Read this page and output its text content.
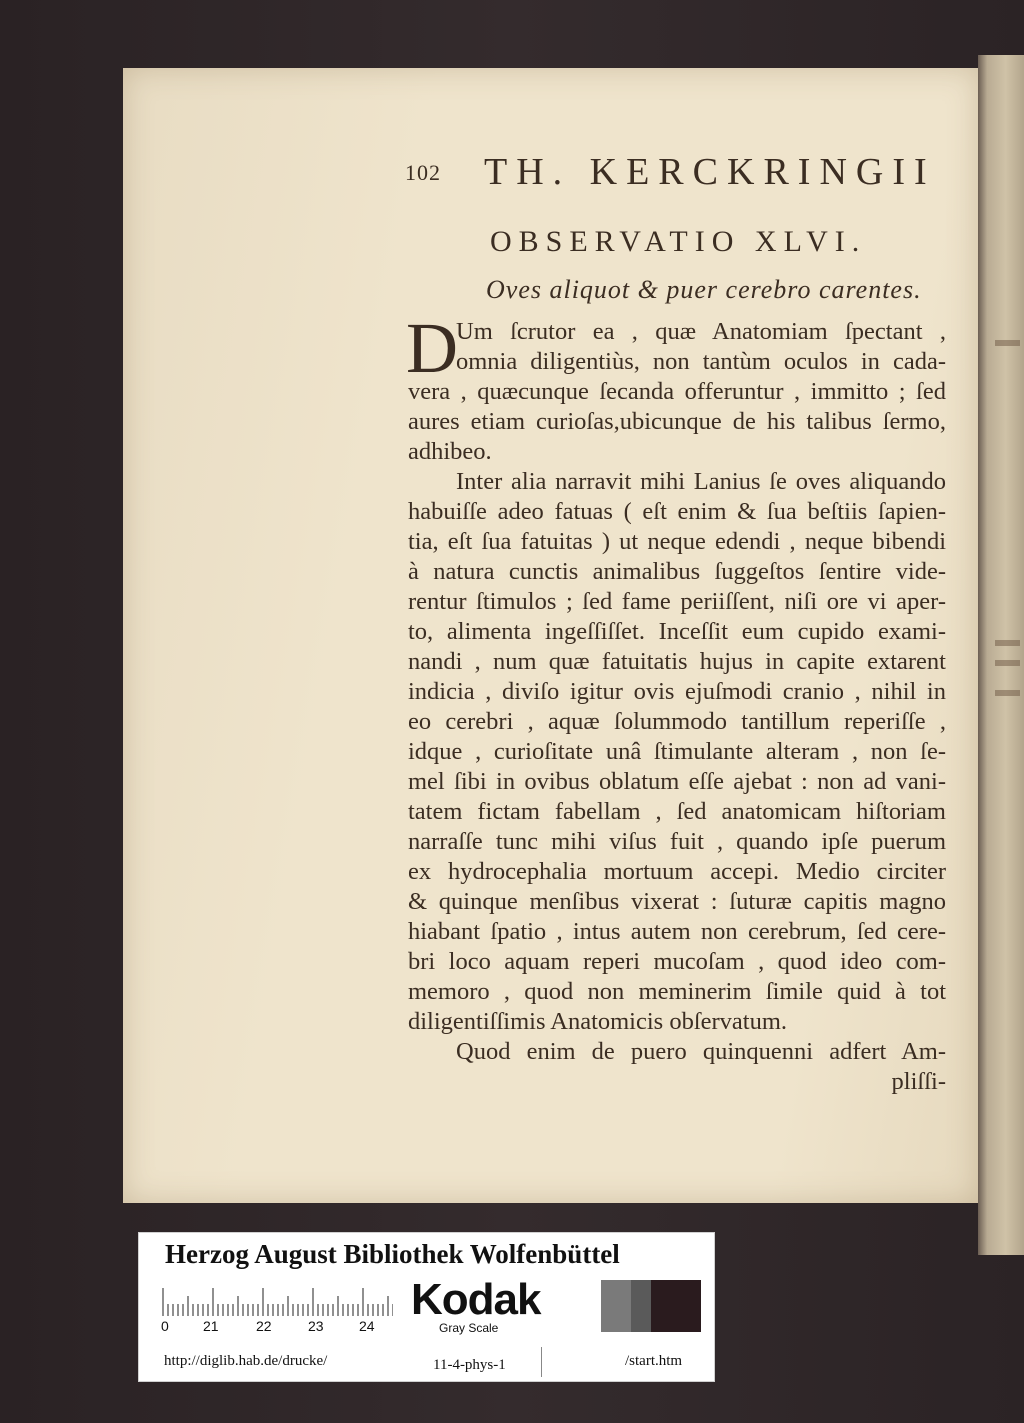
102 TH. KERCKRINGII
OBSERVATIO XLVI.
Oves aliquot & puer cerebro carentes.
D
Um ſcrutor ea , quæ Anatomiam ſpectant ,
omnia diligentiùs, non tantùm oculos in cada-
vera , quæcunque ſecanda offeruntur , immitto ; ſed
aures etiam curioſas,ubicunque de his talibus ſermo,
adhibeo.
Inter alia narravit mihi Lanius ſe oves aliquando
habuiſſe adeo fatuas ( eſt enim & ſua beſtiis ſapien-
tia, eſt ſua fatuitas ) ut neque edendi , neque bibendi
à natura cunctis animalibus ſuggeſtos ſentire vide-
rentur ſtimulos ; ſed fame periiſſent, niſi ore vi aper-
to, alimenta ingeſſiſſet. Inceſſit eum cupido exami-
nandi , num quæ fatuitatis hujus in capite extarent
indicia , diviſo igitur ovis ejuſmodi cranio , nihil in
eo cerebri , aquæ ſolummodo tantillum reperiſſe ,
idque , curioſitate unâ ſtimulante alteram , non ſe-
mel ſibi in ovibus oblatum eſſe ajebat : non ad vani-
tatem fictam fabellam , ſed anatomicam hiſtoriam
narraſſe tunc mihi viſus fuit , quando ipſe puerum
ex hydrocephalia mortuum accepi. Medio circiter
& quinque menſibus vixerat : ſuturæ capitis magno
hiabant ſpatio , intus autem non cerebrum, ſed cere-
bri loco aquam reperi mucoſam , quod ideo com-
memoro , quod non meminerim ſimile quid à tot
diligentiſſimis Anatomicis obſervatum.
Quod enim de puero quinquenni adfert Am-
pliſſi-
Herzog August Bibliothek Wolfenbüttel
0 21	22	23	24
Kodak
Gray Scale
http://diglib.hab.de/drucke/	11-4-phys-1	/start.htm
